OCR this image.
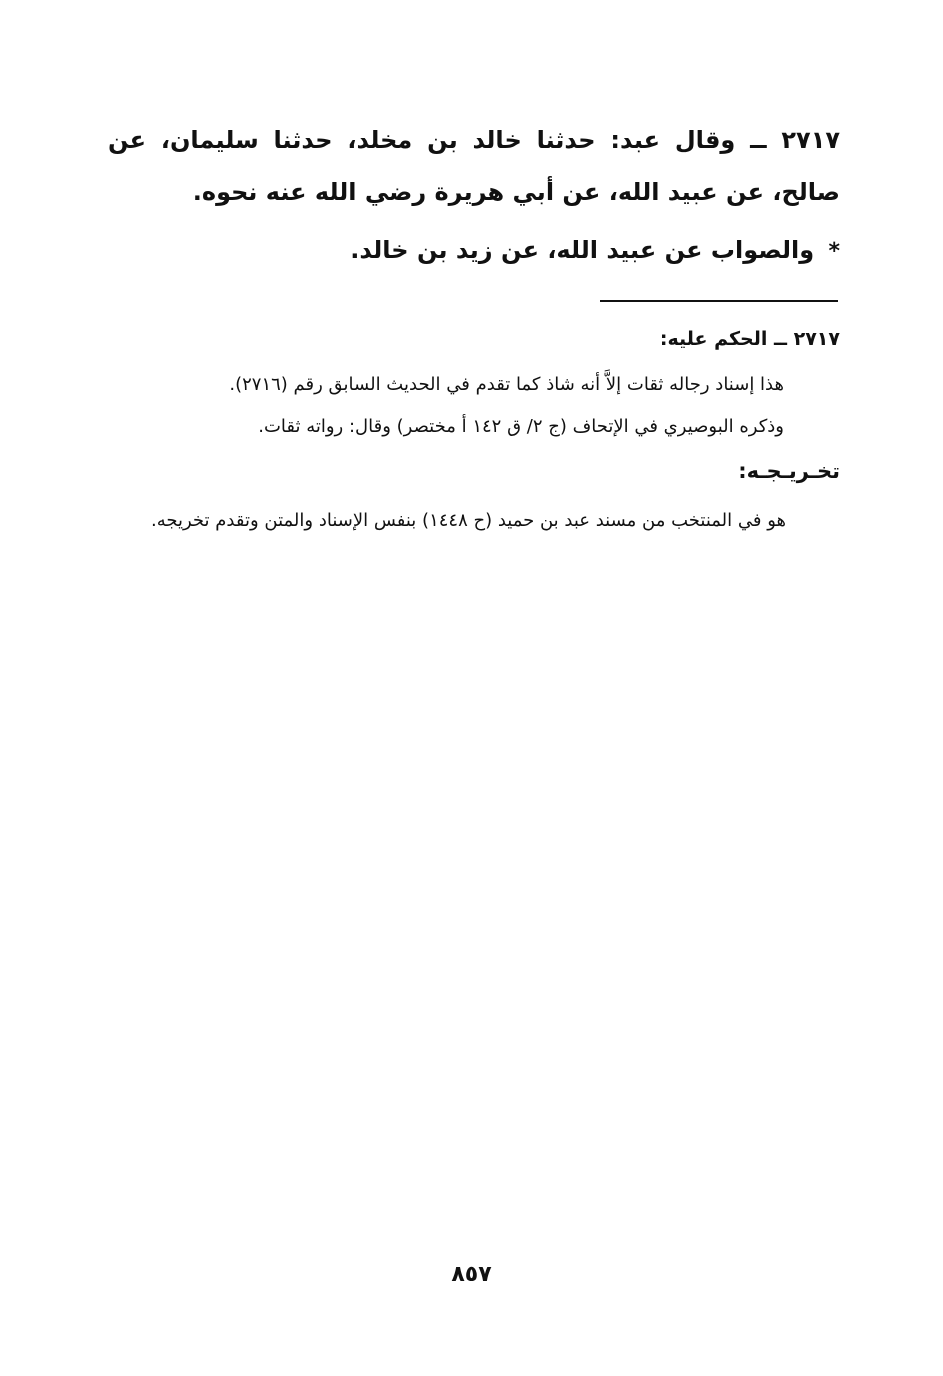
٢٧١٧ ــ وقال عبد: حدثنا خالد بن مخلد، حدثنا سليمان، عن صالح، عن عبيد الله، عن أبي هريرة رضي الله عنه نحوه.

* والصواب عن عبيد الله، عن زيد بن خالد.

٢٧١٧ ــ الحكم عليه:
هذا إسناد رجاله ثقات إلاَّ أنه شاذ كما تقدم في الحديث السابق رقم (٢٧١٦).
وذكره البوصيري في الإتحاف (ج ٢/ ق ١٤٢ أ مختصر) وقال: رواته ثقات.
تخـريـجـه:
هو في المنتخب من مسند عبد بن حميد (ح ١٤٤٨) بنفس الإسناد والمتن وتقدم تخريجه.
٨٥٧
